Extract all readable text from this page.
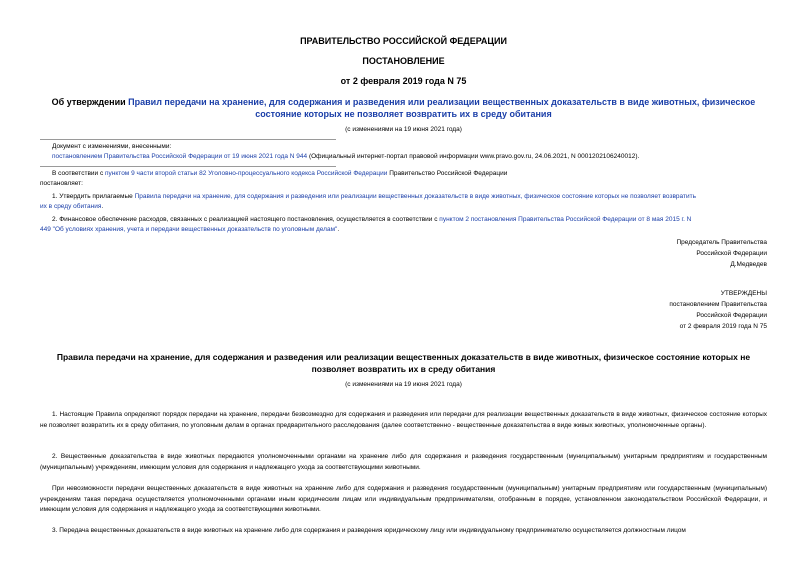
ПРАВИТЕЛЬСТВО РОССИЙСКОЙ ФЕДЕРАЦИИ
ПОСТАНОВЛЕНИЕ
от 2 февраля 2019 года N 75
Об утверждении Правил передачи на хранение, для содержания и разведения или реализации вещественных доказательств в виде животных, физическое
состояние которых не позволяет возвратить их в среду обитания
(с изменениями на 19 июня 2021 года)
Документ с изменениями, внесенными:
постановлением Правительства Российской Федерации от 19 июня 2021 года N 944 (Официальный интернет-портал правовой информации www.pravo.gov.ru, 24.06.2021, N 0001202106240012).
В соответствии с пунктом 9 части второй статьи 82 Уголовно-процессуального кодекса Российской Федерации Правительство Российской Федерации
постановляет:
1. Утвердить прилагаемые Правила передачи на хранение, для содержания и разведения или реализации вещественных доказательств в виде животных, физическое состояние которых не позволяет возвратить
их в среду обитания.
2. Финансовое обеспечение расходов, связанных с реализацией настоящего постановления, осуществляется в соответствии с пунктом 2 постановления Правительства Российской Федерации от 8 мая 2015 г. N
449 "Об условиях хранения, учета и передачи вещественных доказательств по уголовным делам".
Председатель Правительства
Российской Федерации
Д.Медведев
УТВЕРЖДЕНЫ
постановлением Правительства
Российской Федерации
от 2 февраля 2019 года N 75
Правила передачи на хранение, для содержания и разведения или реализации вещественных доказательств в виде животных, физическое состояние которых не
позволяет возвратить их в среду обитания
(с изменениями на 19 июня 2021 года)
1. Настоящие Правила определяют порядок передачи на хранение, передачи безвозмездно для содержания и разведения или передачи для реализации вещественных доказательств в виде животных, физическое состояние которых не позволяет возвратить их в среду обитания, по уголовным делам в органах предварительного расследования (далее соответственно - вещественные доказательства в виде живых животных, уполномоченные органы).
2. Вещественные доказательства в виде животных передаются уполномоченными органами на хранение либо для содержания и разведения государственным (муниципальным) унитарным предприятиям и государственным (муниципальным) учреждениям, имеющим условия для содержания и надлежащего ухода за соответствующими животными.
При невозможности передачи вещественных доказательств в виде животных на хранение либо для содержания и разведения государственным (муниципальным) унитарным предприятиям или государственным (муниципальным) учреждениям такая передача осуществляется уполномоченными органами иным юридическим лицам или индивидуальным предпринимателям, отобранным в порядке, установленном законодательством Российской Федерации, и имеющим условия для содержания и надлежащего ухода за соответствующими животными.
3. Передача вещественных доказательств в виде животных на хранение либо для содержания и разведения юридическому лицу или индивидуальному предпринимателю осуществляется должностным лицом
